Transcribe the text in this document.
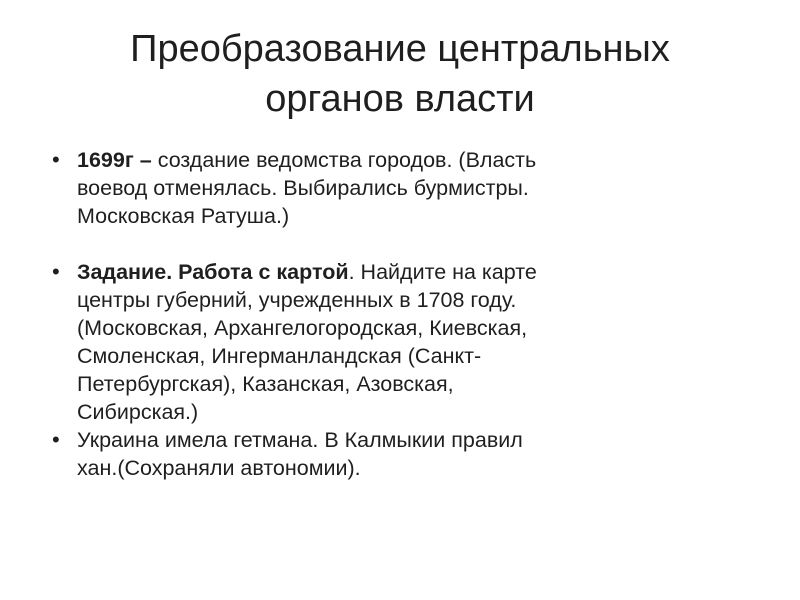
Преобразование центральных
органов власти
• 1699г – создание ведомства городов. (Власть
воевод отменялась. Выбирались бурмистры.
Московская Ратуша.)
• Задание. Работа с картой. Найдите на карте
центры губерний, учрежденных в 1708 году.
(Московская, Архангелогородская, Киевская,
Смоленская, Ингерманландская (Санкт-
Петербургская), Казанская, Азовская,
Сибирская.)
• Украина имела гетмана. В Калмыкии правил
хан.(Сохраняли автономии).
